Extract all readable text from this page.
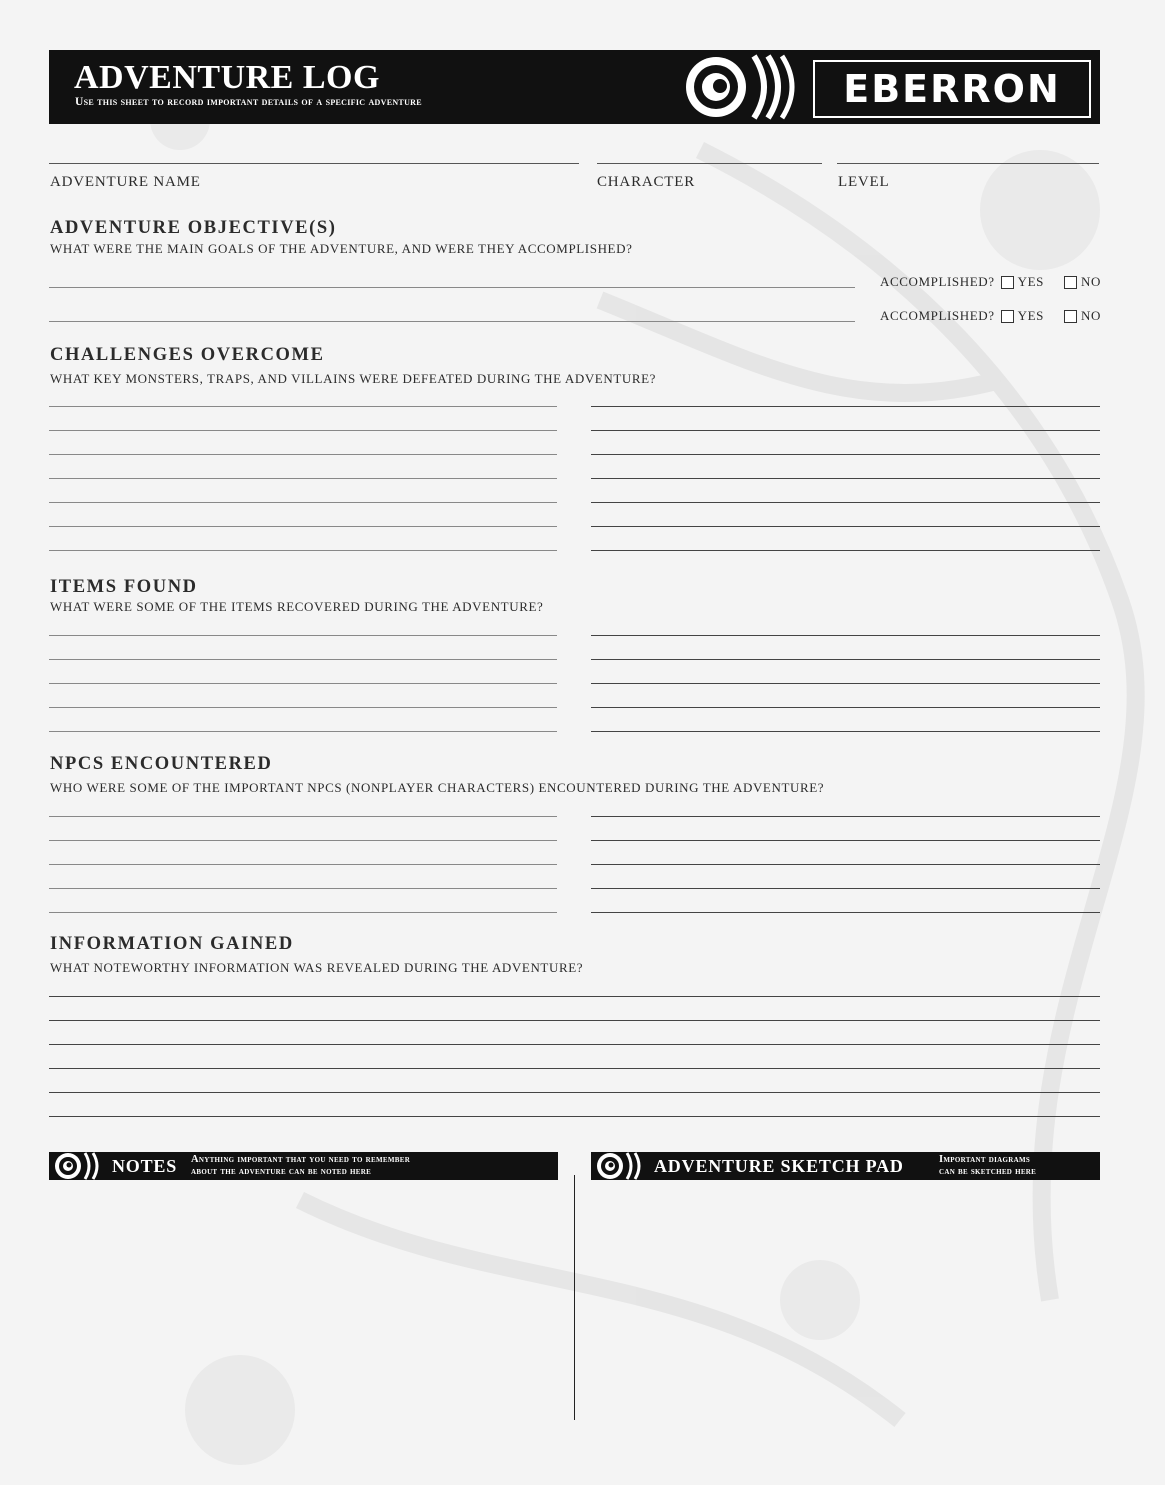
ADVENTURE LOG
Use this sheet to record important details of a specific adventure	EBERRON
ADVENTURE NAME	CHARACTER	LEVEL
ADVENTURE OBJECTIVE(S)
WHAT WERE THE MAIN GOALS OF THE ADVENTURE, AND WERE THEY ACCOMPLISHED?
ACCOMPLISHED? YES	NO
ACCOMPLISHED? YES	NO
CHALLENGES OVERCOME
WHAT KEY MONSTERS, TRAPS, AND VILLAINS WERE DEFEATED DURING THE ADVENTURE?
ITEMS FOUND
WHAT WERE SOME OF THE ITEMS RECOVERED DURING THE ADVENTURE?
NPCS ENCOUNTERED
WHO WERE SOME OF THE IMPORTANT NPCS (NONPLAYER CHARACTERS) ENCOUNTERED DURING THE ADVENTURE?
INFORMATION GAINED
WHAT NOTEWORTHY INFORMATION WAS REVEALED DURING THE ADVENTURE?
NOTES Anything important that you need to remember
about the adventure can be noted here	ADVENTURE SKETCH PAD	Important diagrams
can be sketched here
